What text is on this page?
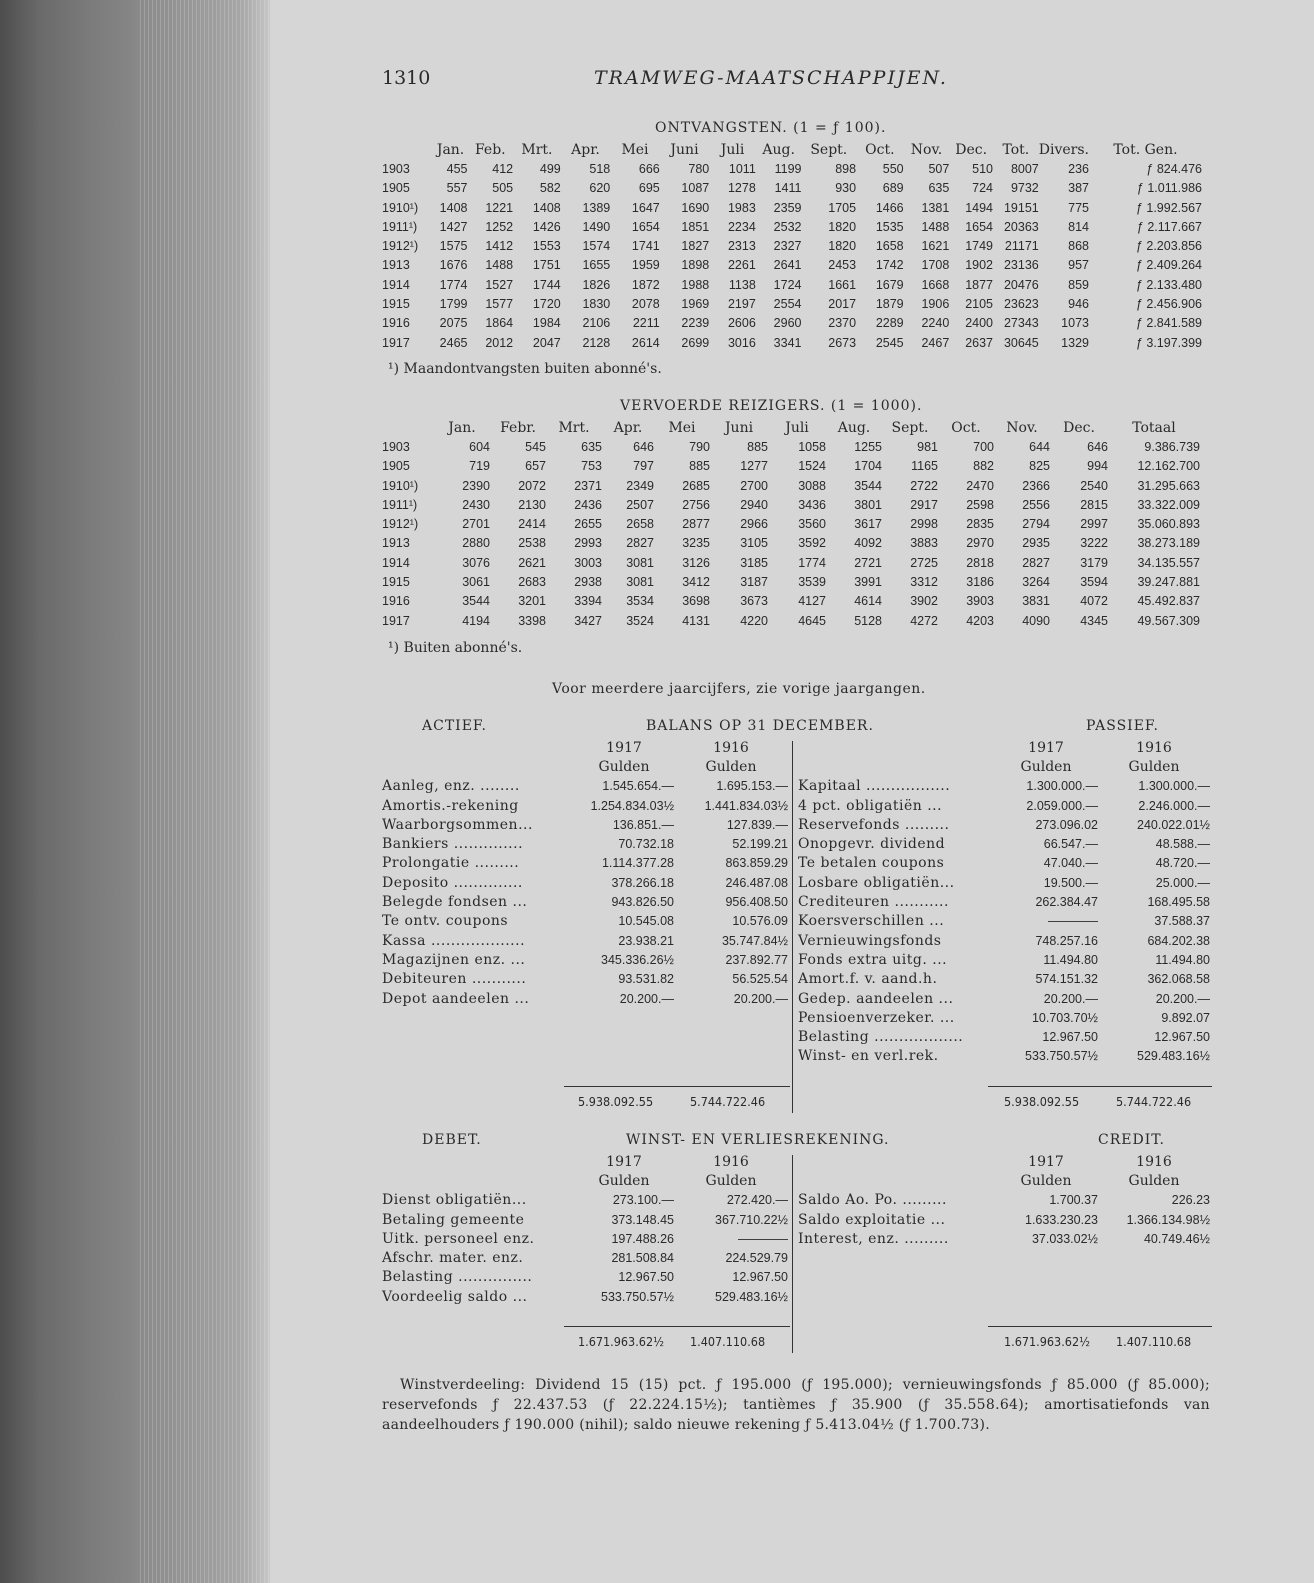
1310	TRAMWEG-MAATSCHAPPIJEN.
ONTVANGSTEN. (1 = ƒ 100).
	Jan.	Feb.	Mrt.	Apr.	Mei	Juni	Juli	Aug.	Sept.	Oct.	Nov.	Dec.	Tot.	Divers.	Tot. Gen.
1903	455	412	499	518	666	780	1011	1199	898	550	507	510	8007	236	ƒ 824.476
1905	557	505	582	620	695	1087	1278	1411	930	689	635	724	9732	387	ƒ 1.011.986
1910¹)	1408	1221	1408	1389	1647	1690	1983	2359	1705	1466	1381	1494	19151	775	ƒ 1.992.567
1911¹)	1427	1252	1426	1490	1654	1851	2234	2532	1820	1535	1488	1654	20363	814	ƒ 2.117.667
1912¹)	1575	1412	1553	1574	1741	1827	2313	2327	1820	1658	1621	1749	21171	868	ƒ 2.203.856
1913	1676	1488	1751	1655	1959	1898	2261	2641	2453	1742	1708	1902	23136	957	ƒ 2.409.264
1914	1774	1527	1744	1826	1872	1988	1138	1724	1661	1679	1668	1877	20476	859	ƒ 2.133.480
1915	1799	1577	1720	1830	2078	1969	2197	2554	2017	1879	1906	2105	23623	946	ƒ 2.456.906
1916	2075	1864	1984	2106	2211	2239	2606	2960	2370	2289	2240	2400	27343	1073	ƒ 2.841.589
1917	2465	2012	2047	2128	2614	2699	3016	3341	2673	2545	2467	2637	30645	1329	ƒ 3.197.399
¹) Maandontvangsten buiten abonné's.
VERVOERDE REIZIGERS. (1 = 1000).
	Jan.	Febr.	Mrt.	Apr.	Mei	Juni	Juli	Aug.	Sept.	Oct.	Nov.	Dec.	Totaal
1903	604	545	635	646	790	885	1058	1255	981	700	644	646	9.386.739
1905	719	657	753	797	885	1277	1524	1704	1165	882	825	994	12.162.700
1910¹)	2390	2072	2371	2349	2685	2700	3088	3544	2722	2470	2366	2540	31.295.663
1911¹)	2430	2130	2436	2507	2756	2940	3436	3801	2917	2598	2556	2815	33.322.009
1912¹)	2701	2414	2655	2658	2877	2966	3560	3617	2998	2835	2794	2997	35.060.893
1913	2880	2538	2993	2827	3235	3105	3592	4092	3883	2970	2935	3222	38.273.189
1914	3076	2621	3003	3081	3126	3185	1774	2721	2725	2818	2827	3179	34.135.557
1915	3061	2683	2938	3081	3412	3187	3539	3991	3312	3186	3264	3594	39.247.881
1916	3544	3201	3394	3534	3698	3673	4127	4614	3902	3903	3831	4072	45.492.837
1917	4194	3398	3427	3524	4131	4220	4645	5128	4272	4203	4090	4345	49.567.309
¹) Buiten abonné's.
Voor meerdere jaarcijfers, zie vorige jaargangen.
ACTIEF.	BALANS OP 31 DECEMBER.	PASSIEF.
	1917	1916
	Gulden	Gulden
Aanleg, enz. ........	1.545.654.—	1.695.153.—
Amortis.-rekening	1.254.834.03½	1.441.834.03½
Waarborgsommen...	136.851.—	127.839.—
Bankiers ..............	70.732.18	52.199.21
Prolongatie .........	1.114.377.28	863.859.29
Deposito ..............	378.266.18	246.487.08
Belegde fondsen ...	943.826.50	956.408.50
Te ontv. coupons	10.545.08	10.576.09
Kassa ...................	23.938.21	35.747.84½
Magazijnen enz. ...	345.336.26½	237.892.77
Debiteuren ...........	93.531.82	56.525.54
Depot aandeelen ...	20.200.—	20.200.—
	1917	1916
	Gulden	Gulden
Kapitaal .................	1.300.000.—	1.300.000.—
4 pct. obligatiën ...	2.059.000.—	2.246.000.—
Reservefonds .........	273.096.02	240.022.01½
Onopgevr. dividend	66.547.—	48.588.—
Te betalen coupons	47.040.—	48.720.—
Losbare obligatiën...	19.500.—	25.000.—
Crediteuren ...........	262.384.47	168.495.58
Koersverschillen ...	————	37.588.37
Vernieuwingsfonds	748.257.16	684.202.38
Fonds extra uitg. ...	11.494.80	11.494.80
Amort.f. v. aand.h.	574.151.32	362.068.58
Gedep. aandeelen ...	20.200.—	20.200.—
Pensioenverzeker. ...	10.703.70½	9.892.07
Belasting ..................	12.967.50	12.967.50
Winst- en verl.rek.	533.750.57½	529.483.16½
5.938.092.55	5.744.722.46	5.938.092.55	5.744.722.46
DEBET.	WINST- EN VERLIESREKENING.	CREDIT.
	1917	1916
	Gulden	Gulden
Dienst obligatiën...	273.100.—	272.420.—
Betaling gemeente	373.148.45	367.710.22½
Uitk. personeel enz.	197.488.26	————
Afschr. mater. enz.	281.508.84	224.529.79
Belasting ...............	12.967.50	12.967.50
Voordeelig saldo ...	533.750.57½	529.483.16½
	1917	1916
	Gulden	Gulden
Saldo Ao. Po. .........	1.700.37	226.23
Saldo exploitatie ...	1.633.230.23	1.366.134.98½
Interest, enz. .........	37.033.02½	40.749.46½
1.671.963.62½ 1.407.110.68	1.671.963.62½ 1.407.110.68
Winstverdeeling: Dividend 15 (15) pct. ƒ 195.000 (ƒ 195.000); vernieuwingsfonds ƒ 85.000 (ƒ 85.000); reservefonds ƒ 22.437.53 (ƒ 22.224.15½); tantièmes ƒ 35.900 (ƒ 35.558.64); amortisatiefonds van aandeelhouders ƒ 190.000 (nihil); saldo nieuwe rekening ƒ 5.413.04½ (ƒ 1.700.73).
